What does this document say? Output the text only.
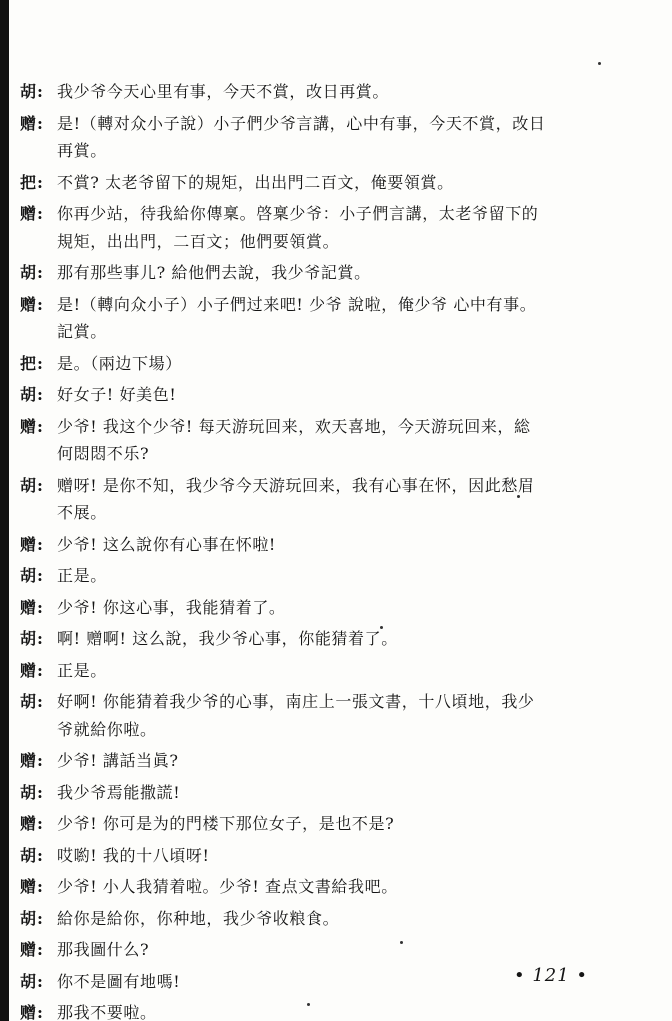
胡: 我少爷今天心里有事，今天不賞，改日再賞。
赠: 是!（轉对众小子說）小子們少爷言講，心中有事，今天不賞，改日
再賞。
把: 不賞? 太老爷留下的規矩，出出門二百文，俺要領賞。
赠: 你再少站，待我給你傳稟。啓稟少爷：小子們言講，太老爷留下的
規矩，出出門，二百文；他們要領賞。
胡: 那有那些事儿? 給他們去說，我少爷記賞。
赠: 是!（轉向众小子）小子們过来吧! 少爷 說啦，俺少爷 心中有事。
記賞。
把: 是。（兩边下場）
胡: 好女子! 好美色!
赠: 少爷! 我这个少爷! 每天游玩回来，欢天喜地，今天游玩回来，総
何悶悶不乐?
胡: 赠呀! 是你不知，我少爷今天游玩回来，我有心事在怀，因此愁眉
不展。
赠: 少爷! 这么說你有心事在怀啦!
胡: 正是。
赠: 少爷! 你这心事，我能猜着了。
胡: 啊! 赠啊! 这么說，我少爷心事，你能猜着了。
赠: 正是。
胡: 好啊! 你能猜着我少爷的心事，南庄上一張文書，十八頃地，我少
爷就給你啦。
赠: 少爷! 講話当眞?
胡: 我少爷焉能撒謊!
赠: 少爷! 你可是为的門楼下那位女子，是也不是?
胡: 哎喲! 我的十八頃呀!
赠: 少爷! 小人我猜着啦。少爷! 查点文書給我吧。
胡: 給你是給你，你种地，我少爷收粮食。
赠: 那我圖什么?
胡: 你不是圖有地嗎!
赠: 那我不要啦。
• 121 •
